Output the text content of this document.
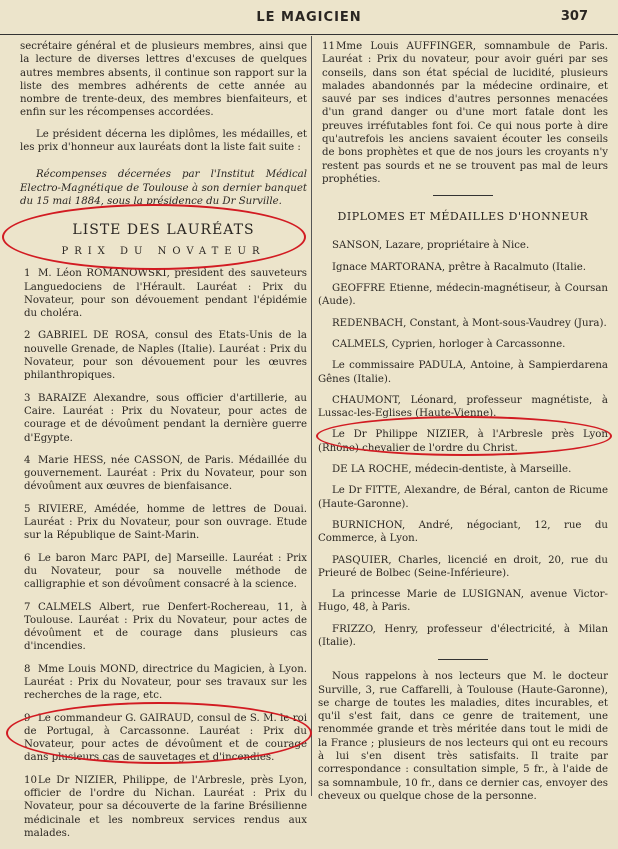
LE MAGICIEN	307

secrétaire général et de plusieurs membres, ainsi que la lecture de diverses lettres d'excuses de quelques autres membres absents, il continue son rapport sur la liste des membres adhérents de cette année au nombre de trente-deux, des membres bienfaiteurs, et enfin sur les récompenses accordées.

Le président décerna les diplômes, les médailles, et les prix d'honneur aux lauréats dont la liste fait suite :

Récompenses décernées par l'Institut Médical Electro-Magnétique de Toulouse à son dernier banquet du 15 mai 1884, sous la présidence du Dr Surville.

LISTE DES LAURÉATS
PRIX DU NOVATEUR
1 M. Léon ROMANOWSKI, président des sauveteurs Languedociens de l'Hérault. Lauréat : Prix du Novateur, pour son dévouement pendant l'épidémie du choléra.
2 GABRIEL DE ROSA, consul des Etats-Unis de la nouvelle Grenade, de Naples (Italie). Lauréat : Prix du Novateur, pour son dévouement pour les œuvres philanthropiques.
3 BARAIZE Alexandre, sous officier d'artillerie, au Caire. Lauréat : Prix du Novateur, pour actes de courage et de dévoûment pendant la dernière guerre d'Egypte.
4 Marie HESS, née CASSON, de Paris. Médaillée du gouvernement. Lauréat : Prix du Novateur, pour son dévoûment aux œuvres de bienfaisance.
5 RIVIERE, Amédée, homme de lettres de Douai. Lauréat : Prix du Novateur, pour son ouvrage. Etude sur la République de Saint-Marin.
6 Le baron Marc PAPI, de] Marseille. Lauréat : Prix du Novateur, pour sa nouvelle méthode de calligraphie et son dévoûment consacré à la science.
7 CALMELS Albert, rue Denfert-Rochereau, 11, à Toulouse. Lauréat : Prix du Novateur, pour actes de dévoûment et de courage dans plusieurs cas d'incendies.
8 Mme Louis MOND, directrice du Magicien, à Lyon. Lauréat : Prix du Novateur, pour ses travaux sur les recherches de la rage, etc.
9 Le commandeur G. GAIRAUD, consul de S. M. le roi de Portugal, à Carcassonne. Lauréat : Prix du Novateur, pour actes de dévoûment et de courage dans plusieurs cas de sauvetages et d'incendies.
10Le Dr NIZIER, Philippe, de l'Arbresle, près Lyon, officier de l'ordre du Nichan. Lauréat : Prix du Novateur, pour sa découverte de la farine Brésilienne médicinale et les nombreux services rendus aux malades.
11Mme Louis AUFFINGER, somnambule de Paris. Lauréat : Prix du novateur, pour avoir guéri par ses conseils, dans son état spécial de lucidité, plusieurs malades abandonnés par la médecine ordinaire, et sauvé par ses indices d'autres personnes menacées d'un grand danger ou d'une mort fatale dont les preuves irréfutables font foi. Ce qui nous porte à dire qu'autrefois les anciens savaient écouter les conseils de bons prophètes et que de nos jours les croyants n'y restent pas sourds et ne se trouvent pas mal de leurs prophéties.
DIPLOMES ET MÉDAILLES D'HONNEUR
SANSON, Lazare, propriétaire à Nice.
Ignace MARTORANA, prêtre à Racalmuto (Italie.
GEOFFRE Etienne, médecin-magnétiseur, à Coursan (Aude).
REDENBACH, Constant, à Mont-sous-Vaudrey (Jura).
CALMELS, Cyprien, horloger à Carcassonne.
Le commissaire PADULA, Antoine, à Sampierdarena Gênes (Italie).
CHAUMONT, Léonard, professeur magnétiste, à Lussac-les-Eglises (Haute-Vienne).
Le Dr Philippe NIZIER, à l'Arbresle près Lyon (Rhône) chevalier de l'ordre du Christ.
DE LA ROCHE, médecin-dentiste, à Marseille.
Le Dr FITTE, Alexandre, de Béral, canton de Ricume (Haute-Garonne).
BURNICHON, André, négociant, 12, rue du Commerce, à Lyon.
PASQUIER, Charles, licencié en droit, 20, rue du Prieuré de Bolbec (Seine-Inférieure).
La princesse Marie de LUSIGNAN, avenue Victor-Hugo, 48, à Paris.
FRIZZO, Henry, professeur d'électricité, à Milan (Italie).

Nous rappelons à nos lecteurs que M. le docteur Surville, 3, rue Caffarelli, à Toulouse (Haute-Garonne), se charge de toutes les maladies, dites incurables, et qu'il s'est fait, dans ce genre de traitement, une renommée grande et très méritée dans tout le midi de la France ; plusieurs de nos lecteurs qui ont eu recours à lui s'en disent très satisfaits. Il traite par correspondance : consultation simple, 5 fr., à l'aide de sa somnambule, 10 fr., dans ce dernier cas, envoyer des cheveux ou quelque chose de la personne.
